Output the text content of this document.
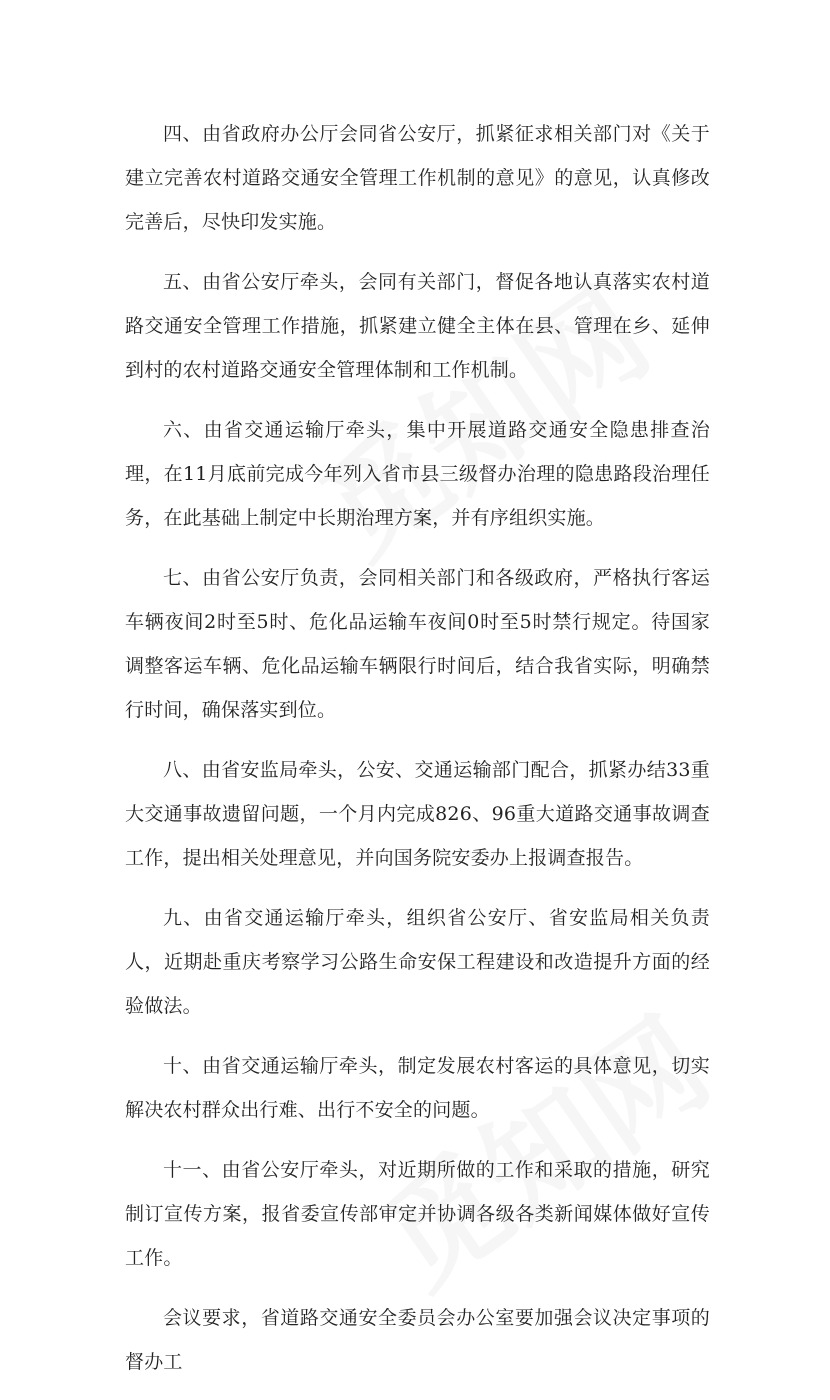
四、由省政府办公厅会同省公安厅，抓紧征求相关部门对《关于建立完善农村道路交通安全管理工作机制的意见》的意见，认真修改完善后，尽快印发实施。

五、由省公安厅牵头，会同有关部门，督促各地认真落实农村道路交通安全管理工作措施，抓紧建立健全主体在县、管理在乡、延伸到村的农村道路交通安全管理体制和工作机制。

六、由省交通运输厅牵头，集中开展道路交通安全隐患排查治理，在11月底前完成今年列入省市县三级督办治理的隐患路段治理任务，在此基础上制定中长期治理方案，并有序组织实施。

七、由省公安厅负责，会同相关部门和各级政府，严格执行客运车辆夜间2时至5时、危化品运输车夜间0时至5时禁行规定。待国家调整客运车辆、危化品运输车辆限行时间后，结合我省实际，明确禁行时间，确保落实到位。

八、由省安监局牵头，公安、交通运输部门配合，抓紧办结33重大交通事故遗留问题，一个月内完成826、96重大道路交通事故调查工作，提出相关处理意见，并向国务院安委办上报调查报告。

九、由省交通运输厅牵头，组织省公安厅、省安监局相关负责人，近期赴重庆考察学习公路生命安保工程建设和改造提升方面的经验做法。

十、由省交通运输厅牵头，制定发展农村客运的具体意见，切实解决农村群众出行难、出行不安全的问题。

十一、由省公安厅牵头，对近期所做的工作和采取的措施，研究制订宣传方案，报省委宣传部审定并协调各级各类新闻媒体做好宣传工作。

会议要求，省道路交通安全委员会办公室要加强会议决定事项的督办工
